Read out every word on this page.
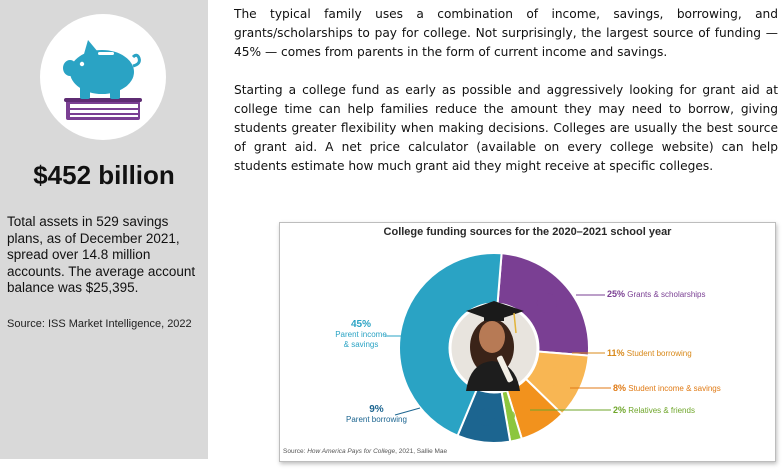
$452 billion
Total assets in 529 savings plans, as of December 2021, spread over 14.8 million accounts. The average account balance was $25,395.
Source: ISS Market Intelligence, 2022

The typical family uses a combination of income, savings, borrowing, and grants/scholarships to pay for college. Not surprisingly, the largest source of funding — 45% — comes from parents in the form of current income and savings.

Starting a college fund as early as possible and aggressively looking for grant aid at college time can help families reduce the amount they may need to borrow, giving students greater flexibility when making decisions. Colleges are usually the best source of grant aid. A net price calculator (available on every college website) can help students estimate how much grant aid they might receive at specific colleges.

College funding sources for the 2020–2021 school year
45%
Parent income & savings
25% Grants & scholarships
11% Student borrowing
8% Student income & savings
2% Relatives & friends
9%
Parent borrowing
Source: How America Pays for College, 2021, Sallie Mae
